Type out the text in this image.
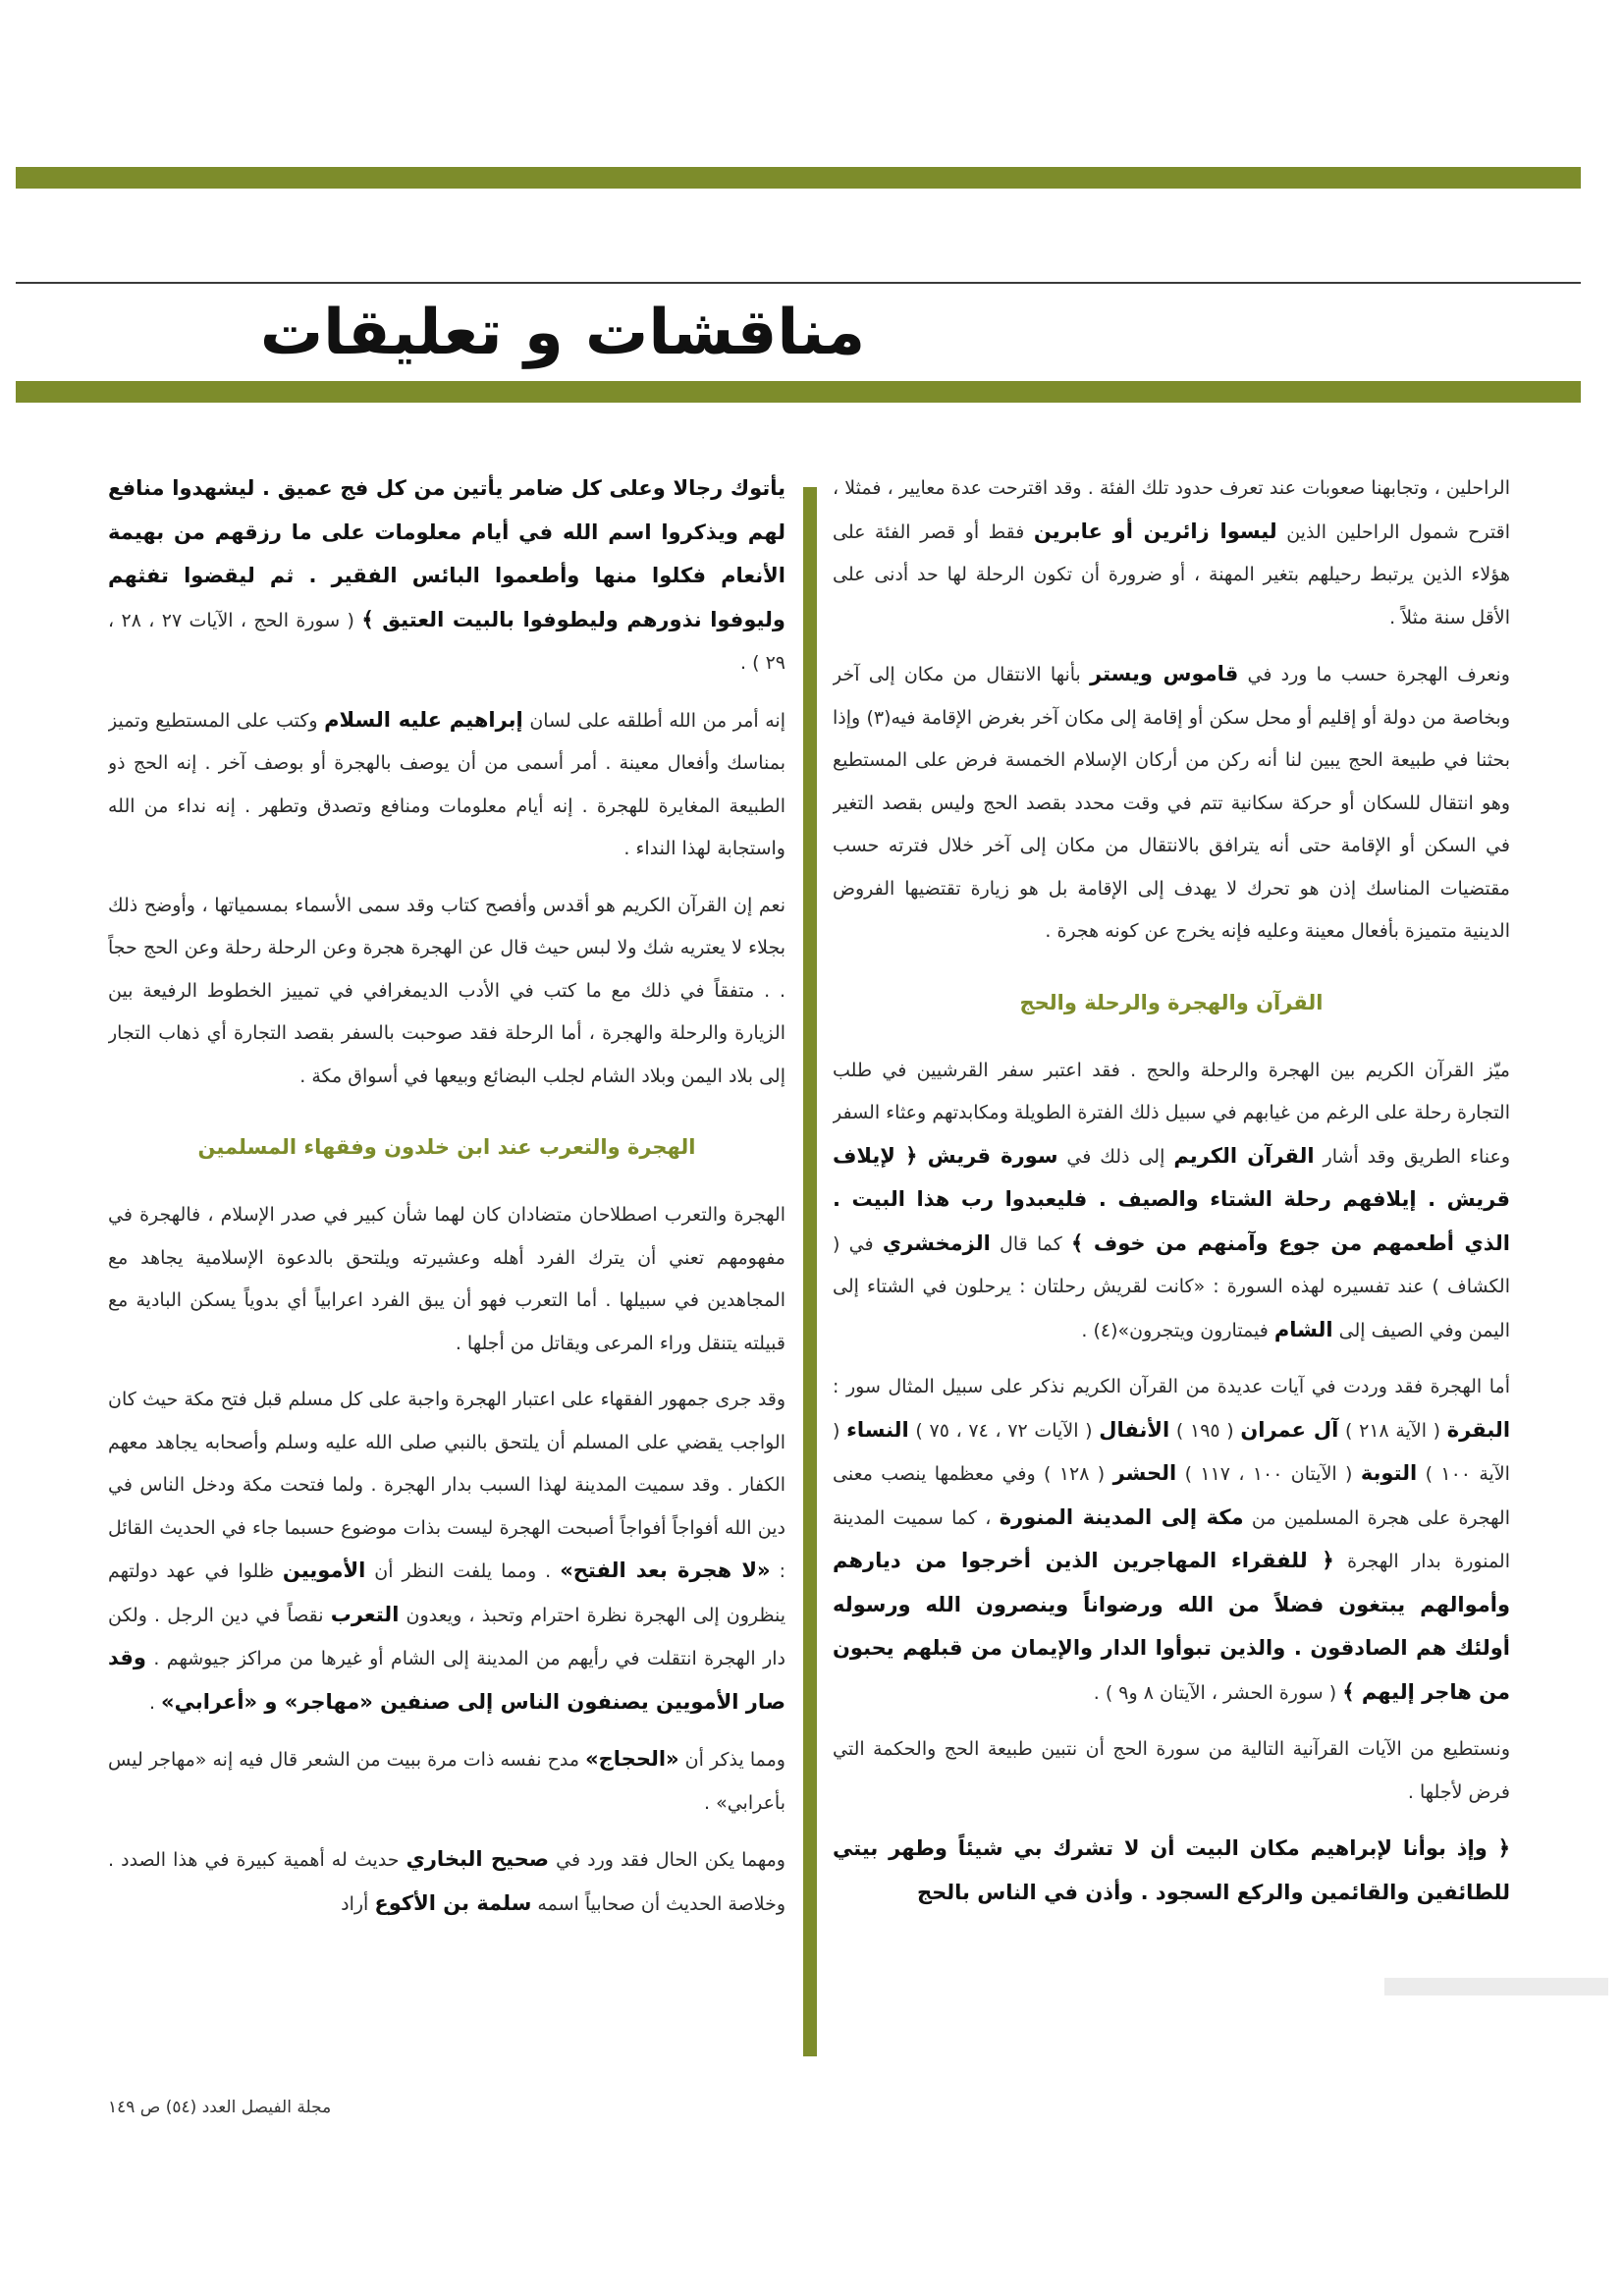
مناقشات و تعليقات

الراحلين ، وتجابهنا صعوبات عند تعرف حدود تلك الفئة . وقد اقترحت عدة معايير ، فمثلا ، اقترح شمول الراحلين الذين ليسوا زائرين أو عابرين فقط أو قصر الفئة على هؤلاء الذين يرتبط رحيلهم بتغير المهنة ، أو ضرورة أن تكون الرحلة لها حد أدنى على الأقل سنة مثلاً .

ونعرف الهجرة حسب ما ورد في قاموس ويستر بأنها الانتقال من مكان إلى آخر وبخاصة من دولة أو إقليم أو محل سكن أو إقامة إلى مكان آخر بغرض الإقامة فيه(٣) وإذا بحثنا في طبيعة الحج يبين لنا أنه ركن من أركان الإسلام الخمسة فرض على المستطيع وهو انتقال للسكان أو حركة سكانية تتم في وقت محدد بقصد الحج وليس بقصد التغير في السكن أو الإقامة حتى أنه يترافق بالانتقال من مكان إلى آخر خلال فترته حسب مقتضيات المناسك إذن هو تحرك لا يهدف إلى الإقامة بل هو زيارة تقتضيها الفروض الدينية متميزة بأفعال معينة وعليه فإنه يخرج عن كونه هجرة .

القرآن والهجرة والرحلة والحج

ميّز القرآن الكريم بين الهجرة والرحلة والحج . فقد اعتبر سفر القرشيين في طلب التجارة رحلة على الرغم من غيابهم في سبيل ذلك الفترة الطويلة ومكابدتهم وعثاء السفر وعناء الطريق وقد أشار القرآن الكريم إلى ذلك في سورة قريش ﴿ لإيلاف قريش . إيلافهم رحلة الشتاء والصيف . فليعبدوا رب هذا البيت . الذي أطعمهم من جوع وآمنهم من خوف ﴾ كما قال الزمخشري في ( الكشاف ) عند تفسيره لهذه السورة : «كانت لقريش رحلتان : يرحلون في الشتاء إلى اليمن وفي الصيف إلى الشام فيمتارون ويتجرون»(٤) .

أما الهجرة فقد وردت في آيات عديدة من القرآن الكريم نذكر على سبيل المثال سور : البقرة ( الآية ٢١٨ ) آل عمران ( ١٩٥ ) الأنفال ( الآيات ٧٢ ، ٧٤ ، ٧٥ ) النساء ( الآية ١٠٠ ) التوبة ( الآيتان ١٠٠ ، ١١٧ ) الحشر ( ١٢٨ ) وفي معظمها ينصب معنى الهجرة على هجرة المسلمين من مكة إلى المدينة المنورة ، كما سميت المدينة المنورة بدار الهجرة ﴿ للفقراء المهاجرين الذين أخرجوا من ديارهم وأموالهم يبتغون فضلاً من الله ورضواناً وينصرون الله ورسوله أولئك هم الصادقون . والذين تبوأوا الدار والإيمان من قبلهم يحبون من هاجر إليهم ﴾ ( سورة الحشر ، الآيتان ٨ و٩ ) .

ونستطيع من الآيات القرآنية التالية من سورة الحج أن نتبين طبيعة الحج والحكمة التي فرض لأجلها .

﴿ وإذ بوأنا لإبراهيم مكان البيت أن لا تشرك بي شيئاً وطهر بيتي للطائفين والقائمين والركع السجود . وأذن في الناس بالحج

يأتوك رجالا وعلى كل ضامر يأتين من كل فج عميق . ليشهدوا منافع لهم ويذكروا اسم الله في أيام معلومات على ما رزقهم من بهيمة الأنعام فكلوا منها وأطعموا البائس الفقير . ثم ليقضوا تفثهم وليوفوا نذورهم وليطوفوا بالبيت العتيق ﴾ ( سورة الحج ، الآيات ٢٧ ، ٢٨ ، ٢٩ ) .

إنه أمر من الله أطلقه على لسان إبراهيم عليه السلام وكتب على المستطيع وتميز بمناسك وأفعال معينة . أمر أسمى من أن يوصف بالهجرة أو بوصف آخر . إنه الحج ذو الطبيعة المغايرة للهجرة . إنه أيام معلومات ومنافع وتصدق وتطهر . إنه نداء من الله واستجابة لهذا النداء .

نعم إن القرآن الكريم هو أقدس وأفصح كتاب وقد سمى الأسماء بمسمياتها ، وأوضح ذلك بجلاء لا يعتريه شك ولا لبس حيث قال عن الهجرة هجرة وعن الرحلة رحلة وعن الحج حجاً . . متفقاً في ذلك مع ما كتب في الأدب الديمغرافي في تمييز الخطوط الرفيعة بين الزيارة والرحلة والهجرة ، أما الرحلة فقد صوحبت بالسفر بقصد التجارة أي ذهاب التجار إلى بلاد اليمن وبلاد الشام لجلب البضائع وبيعها في أسواق مكة .

الهجرة والتعرب عند ابن خلدون وفقهاء المسلمين

الهجرة والتعرب اصطلاحان متضادان كان لهما شأن كبير في صدر الإسلام ، فالهجرة في مفهومهم تعني أن يترك الفرد أهله وعشيرته ويلتحق بالدعوة الإسلامية يجاهد مع المجاهدين في سبيلها . أما التعرب فهو أن يبق الفرد اعرابياً أي بدوياً يسكن البادية مع قبيلته يتنقل وراء المرعى ويقاتل من أجلها .

وقد جرى جمهور الفقهاء على اعتبار الهجرة واجبة على كل مسلم قبل فتح مكة حيث كان الواجب يقضي على المسلم أن يلتحق بالنبي صلى الله عليه وسلم وأصحابه يجاهد معهم الكفار . وقد سميت المدينة لهذا السبب بدار الهجرة . ولما فتحت مكة ودخل الناس في دين الله أفواجاً أفواجاً أصبحت الهجرة ليست بذات موضوع حسبما جاء في الحديث القائل : «لا هجرة بعد الفتح» . ومما يلفت النظر أن الأمويين ظلوا في عهد دولتهم ينظرون إلى الهجرة نظرة احترام وتحبذ ، ويعدون التعرب نقصاً في دين الرجل . ولكن دار الهجرة انتقلت في رأيهم من المدينة إلى الشام أو غيرها من مراكز جيوشهم . وقد صار الأمويين يصنفون الناس إلى صنفين «مهاجر» و «أعرابي» .

ومما يذكر أن «الحجاج» مدح نفسه ذات مرة ببيت من الشعر قال فيه إنه «مهاجر ليس بأعرابي» .

ومهما يكن الحال فقد ورد في صحيح البخاري حديث له أهمية كبيرة في هذا الصدد . وخلاصة الحديث أن صحابياً اسمه سلمة بن الأكوع أراد

مجلة الفيصل العدد (٥٤) ص ١٤٩
